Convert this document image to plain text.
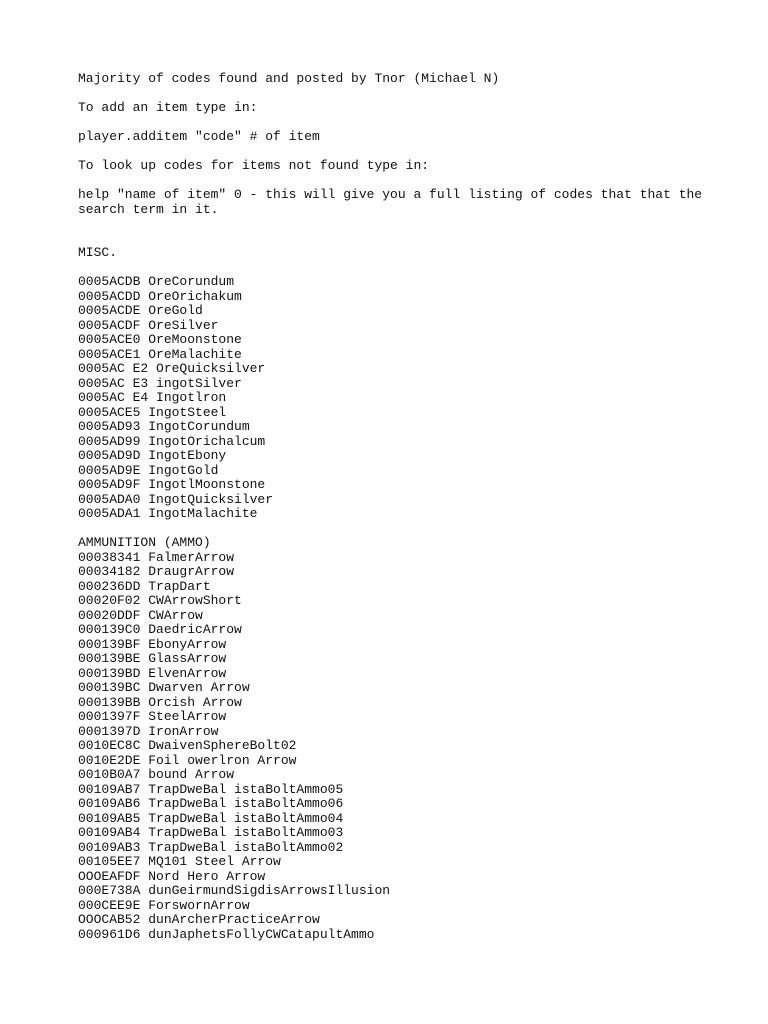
Majority of codes found and posted by Tnor (Michael N)

To add an item type in:

player.additem "code" # of item

To look up codes for items not found type in:

help "name of item" 0 - this will give you a full listing of codes that that the search term in it.

MISC.

0005ACDB OreCorundum
0005ACDD OreOrichakum
0005ACDE OreGold
0005ACDF OreSilver
0005ACE0 OreMoonstone
0005ACE1 OreMalachite
0005AC E2 OreQuicksilver
0005AC E3 ingotSilver
0005AC E4 Ingotlron
0005ACE5 IngotSteel
0005AD93 IngotCorundum
0005AD99 IngotOrichalcum
0005AD9D IngotEbony
0005AD9E IngotGold
0005AD9F IngotlMoonstone
0005ADA0 IngotQuicksilver
0005ADA1 IngotMalachite

AMMUNITION (AMMO)

00038341 FalmerArrow
00034182 DraugrArrow
000236DD TrapDart
00020F02 CWArrowShort
00020DDF CWArrow
000139C0 DaedricArrow
000139BF EbonyArrow
000139BE GlassArrow
000139BD ElvenArrow
000139BC Dwarven Arrow
000139BB Orcish Arrow
0001397F SteelArrow
0001397D IronArrow
0010EC8C DwaivenSphereBolt02
0010E2DE Foil owerlron Arrow
0010B0A7 bound Arrow
00109AB7 TrapDweBal istaBoltAmmo05
00109AB6 TrapDweBal istaBoltAmmo06
00109AB5 TrapDweBal istaBoltAmmo04
00109AB4 TrapDweBal istaBoltAmmo03
00109AB3 TrapDweBal istaBoltAmmo02
00105EE7 MQ101 Steel Arrow
OOOEAFDF Nord Hero Arrow
000E738A dunGeirmundSigdisArrowsIllusion
000CEE9E ForswornArrow
OOOCAB52 dunArcherPracticeArrow
000961D6 dunJaphetsFollyCWCatapultAmmo
